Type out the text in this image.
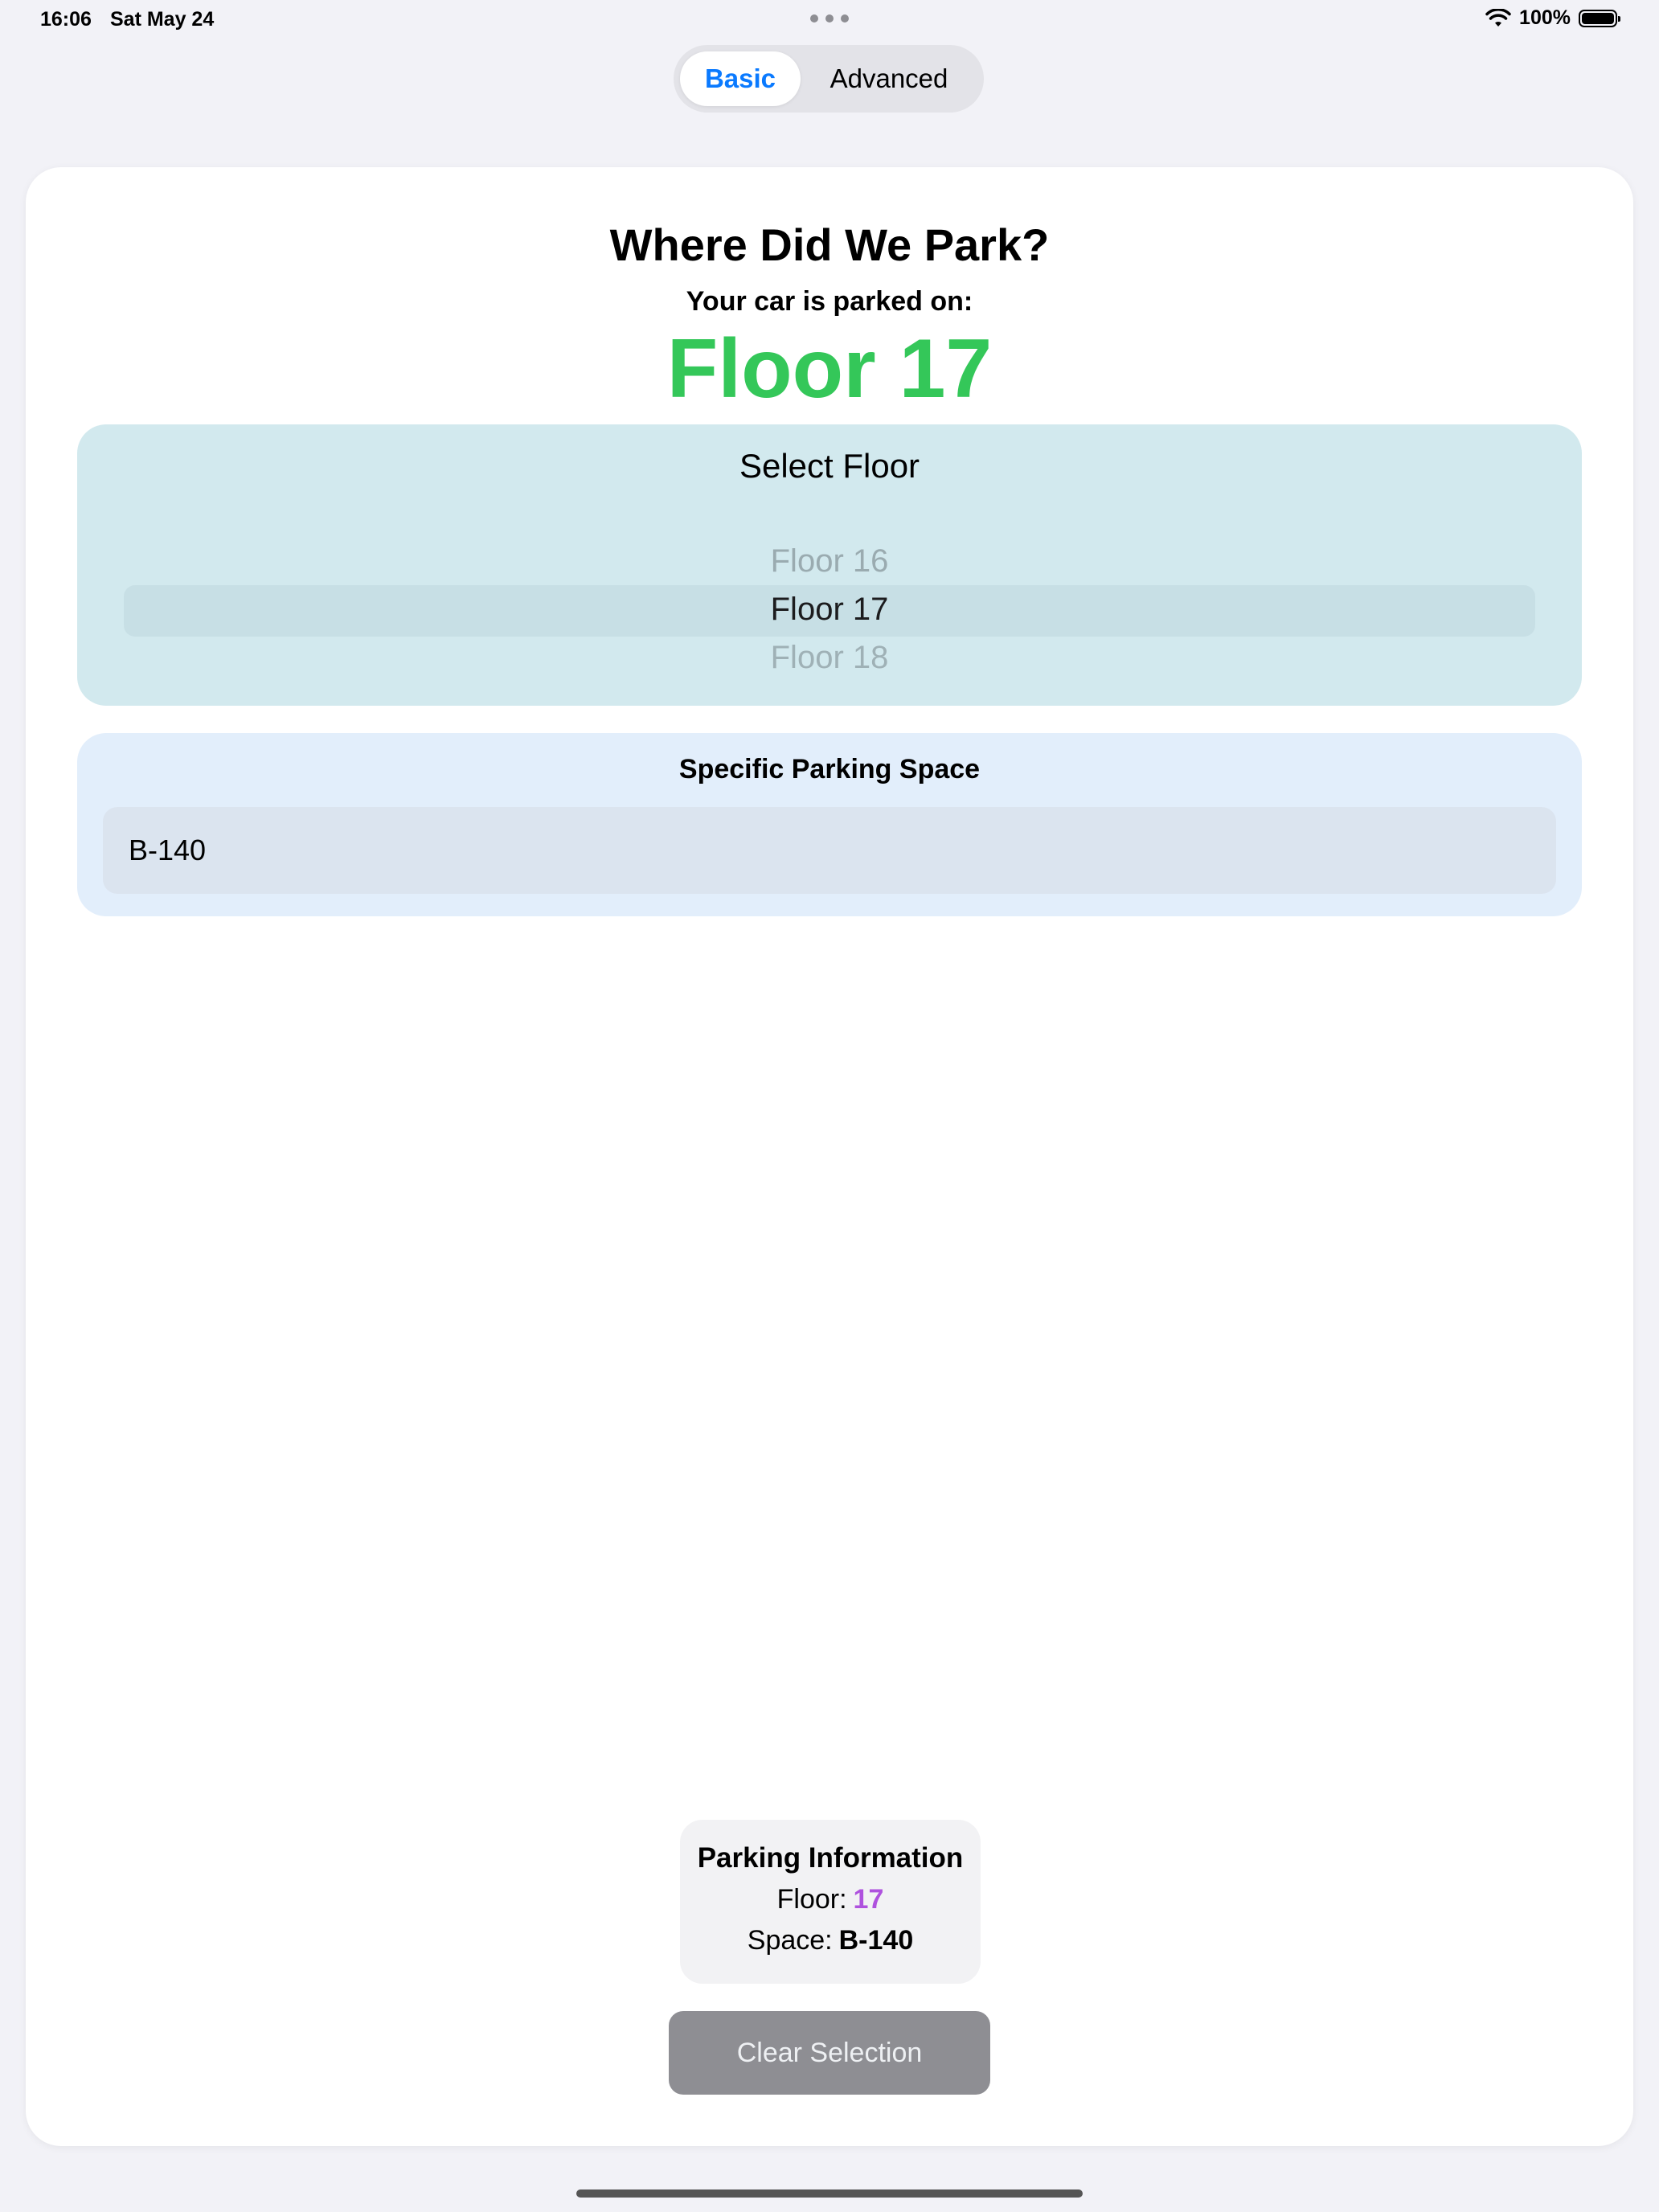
16:06 Sat May 24	100%
Basic	Advanced
Where Did We Park?
Your car is parked on:
Floor 17
Select Floor
Floor 16
Floor 17
Floor 18
Specific Parking Space
B-140
Parking Information
Floor: 17
Space: B-140
Clear Selection
